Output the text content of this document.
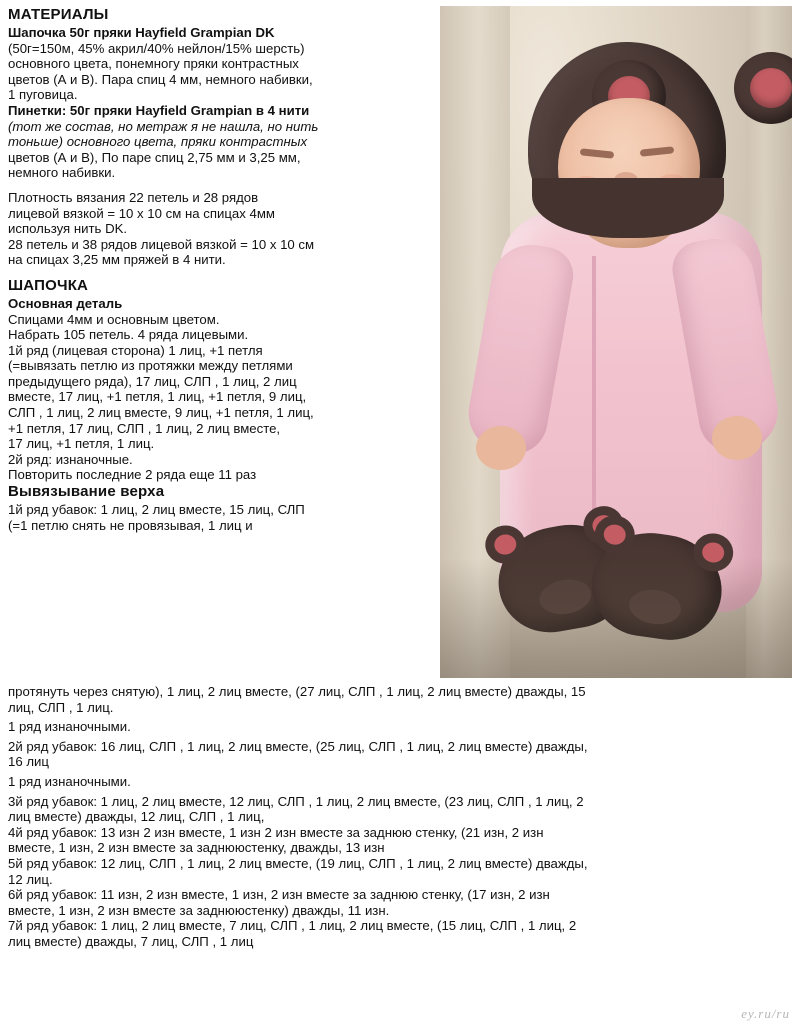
МАТЕРИАЛЫ

Шапочка 50г пряки Hayfield Grampian DK

(50г=150м, 45% акрил/40% нейлон/15% шерсть)

основного цвета, понемногу пряки контрастных

цветов (А и В). Пара спиц 4 мм, немного набивки,

1 пуговица.

Пинетки: 50г пряки Hayfield Grampian в 4 нити

(тот же состав, но метраж я не нашла, но нить

тоньше) основного цвета, пряки контрастных

цветов (А и В), По паре спиц 2,75 мм и 3,25 мм,

немного набивки.

Плотность вязания 22 петель и 28 рядов

лицевой вязкой = 10 x 10 см на спицах 4мм

используя нить DK.

28 петель и 38 рядов лицевой вязкой = 10 х 10 см

на спицах 3,25 мм пряжей в 4 нити.

ШАПОЧКА

Основная деталь

Спицами 4мм и основным цветом.

Набрать 105 петель. 4 ряда лицевыми.

1й ряд (лицевая сторона) 1 лиц, +1 петля

(=вывязать петлю из протяжки между петлями

предыдущего ряда), 17 лиц, СЛП , 1 лиц, 2 лиц

вместе, 17 лиц, +1 петля, 1 лиц, +1 петля, 9 лиц,

СЛП , 1 лиц, 2 лиц вместе, 9 лиц, +1 петля, 1 лиц,

+1 петля, 17 лиц, СЛП , 1 лиц, 2 лиц вместе,

17 лиц, +1 петля, 1 лиц.

2й ряд: изнаночные.

Повторить последние 2 ряда еще 11 раз

Вывязывание верха

1й ряд убавок: 1 лиц, 2 лиц вместе, 15 лиц, СЛП

(=1 петлю снять не провязывая, 1 лиц и

протянуть через снятую), 1 лиц, 2 лиц вместе, (27 лиц, СЛП , 1 лиц, 2 лиц вместе) дважды, 15

лиц, СЛП , 1 лиц.

1 ряд изнаночными.

2й ряд убавок: 16 лиц, СЛП , 1 лиц, 2 лиц вместе, (25 лиц, СЛП , 1 лиц, 2 лиц вместе) дважды,

16 лиц

1 ряд изнаночными.

3й ряд убавок: 1 лиц, 2 лиц вместе, 12 лиц, СЛП , 1 лиц, 2 лиц вместе, (23 лиц, СЛП , 1 лиц, 2

лиц вместе) дважды, 12 лиц, СЛП , 1 лиц,

4й ряд убавок: 13 изн 2 изн вместе, 1 изн 2 изн вместе за заднюю стенку, (21 изн, 2 изн

вместе, 1 изн, 2 изн вместе за заднююстенку, дважды, 13 изн

5й ряд убавок: 12 лиц, СЛП , 1 лиц, 2 лиц вместе, (19 лиц, СЛП , 1 лиц, 2 лиц вместе) дважды,

12 лиц.

6й ряд убавок: 11 изн, 2 изн вместе, 1 изн, 2 изн вместе за заднюю стенку, (17 изн, 2 изн

вместе, 1 изн, 2 изн вместе за заднююстенку) дважды, 11 изн.

7й ряд убавок: 1 лиц, 2 лиц вместе, 7 лиц, СЛП , 1 лиц, 2 лиц вместе, (15 лиц, СЛП , 1 лиц, 2

лиц вместе) дважды, 7 лиц, СЛП , 1 лиц

ey.ru/ru
